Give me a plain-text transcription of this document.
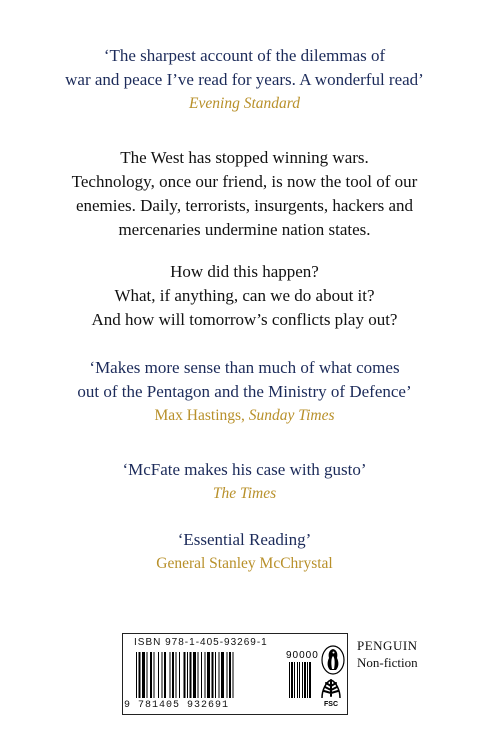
‘The sharpest account of the dilemmas of
war and peace I’ve read for years. A wonderful read’
Evening Standard
The West has stopped winning wars.
Technology, once our friend, is now the tool of our
enemies. Daily, terrorists, insurgents, hackers and
mercenaries undermine nation states.
How did this happen?
What, if anything, can we do about it?
And how will tomorrow’s conflicts play out?
‘Makes more sense than much of what comes
out of the Pentagon and the Ministry of Defence’
Max Hastings, Sunday Times
‘McFate makes his case with gusto’
The Times
‘Essential Reading’
General Stanley McChrystal
ISBN 978-1-405-93269-1
90000
9 781405 932691	FSC
PENGUIN
Non-fiction
